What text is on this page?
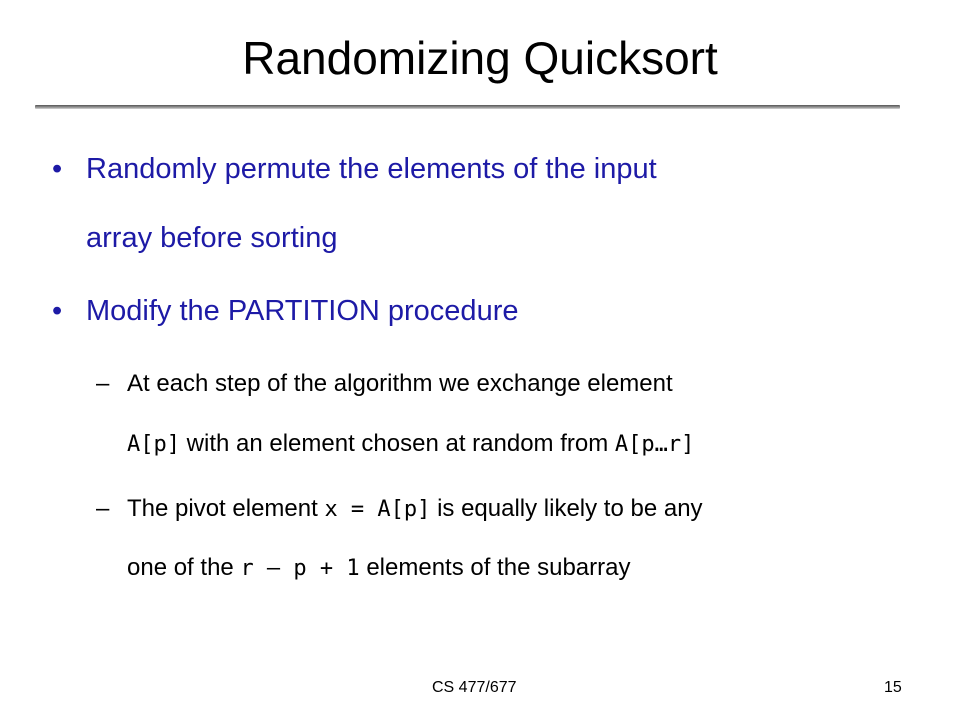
Randomizing Quicksort
• Randomly permute the elements of the input
array before sorting
• Modify the PARTITION procedure
– At each step of the algorithm we exchange element
A[p] with an element chosen at random from A[p…r]
– The pivot element x = A[p] is equally likely to be any
one of the r – p + 1 elements of the subarray
CS 477/677	15
